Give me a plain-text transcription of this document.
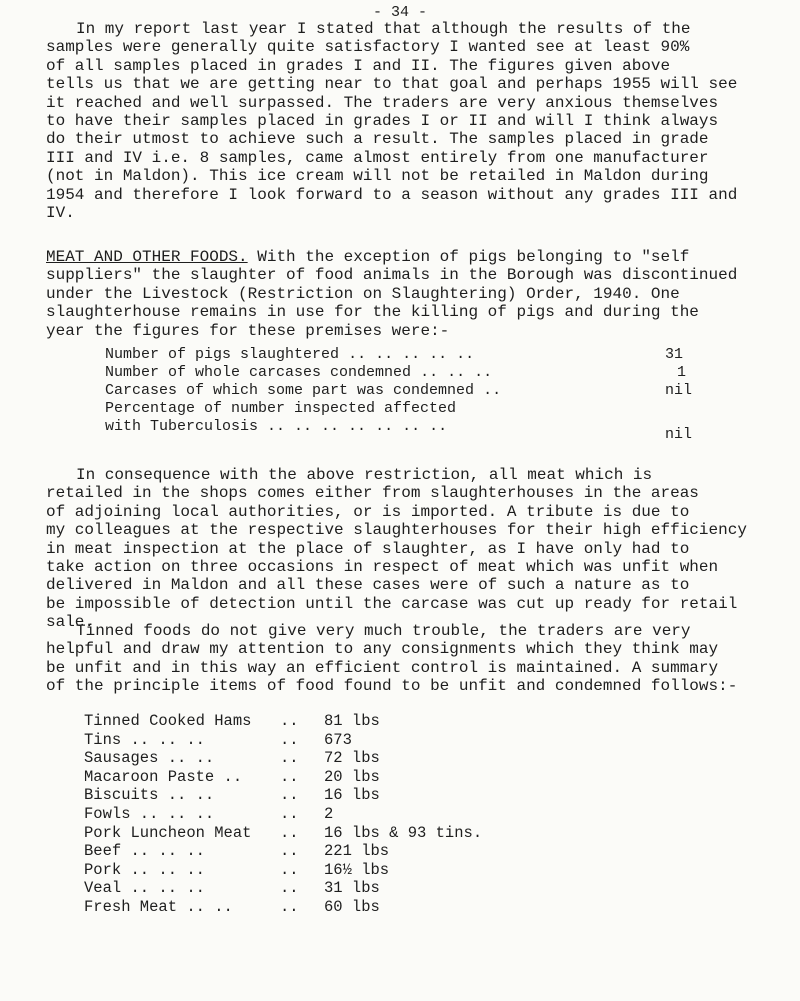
- 34 -
In my report last year I stated that although the results of the
samples were generally quite satisfactory I wanted see at least 90%
of all samples placed in grades I and II. The figures given above
tells us that we are getting near to that goal and perhaps 1955 will see
it reached and well surpassed. The traders are very anxious themselves
to have their samples placed in grades I or II and will I think always
do their utmost to achieve such a result. The samples placed in grade
III and IV i.e. 8 samples, came almost entirely from one manufacturer
(not in Maldon). This ice cream will not be retailed in Maldon during
1954 and therefore I look forward to a season without any grades III and
IV.
MEAT AND OTHER FOODS. With the exception of pigs belonging to "self
suppliers" the slaughter of food animals in the Borough was discontinued
under the Livestock (Restriction on Slaughtering) Order, 1940. One
slaughterhouse remains in use for the killing of pigs and during the
year the figures for these premises were:-
Number of pigs slaughtered .. .. .. .. ..	31
Number of whole carcases condemned .. .. ..	1
Carcases of which some part was condemned ..	nil
Percentage of number inspected affected
with Tuberculosis .. .. .. .. .. .. ..	nil
In consequence with the above restriction, all meat which is
retailed in the shops comes either from slaughterhouses in the areas
of adjoining local authorities, or is imported. A tribute is due to
my colleagues at the respective slaughterhouses for their high efficiency
in meat inspection at the place of slaughter, as I have only had to
take action on three occasions in respect of meat which was unfit when
delivered in Maldon and all these cases were of such a nature as to
be impossible of detection until the carcase was cut up ready for retail
sale.
Tinned foods do not give very much trouble, the traders are very
helpful and draw my attention to any consignments which they think may
be unfit and in this way an efficient control is maintained. A summary
of the principle items of food found to be unfit and condemned follows:-
Tinned Cooked Hams	..	81 lbs
Tins .. .. ..	..	673
Sausages .. ..	..	72 lbs
Macaroon Paste ..	..	20 lbs
Biscuits .. ..	..	16 lbs
Fowls .. .. ..	..	2
Pork Luncheon Meat	..	16 lbs & 93 tins.
Beef .. .. ..	..	221 lbs
Pork .. .. ..	..	16½ lbs
Veal .. .. ..	..	31 lbs
Fresh Meat .. ..	..	60 lbs
